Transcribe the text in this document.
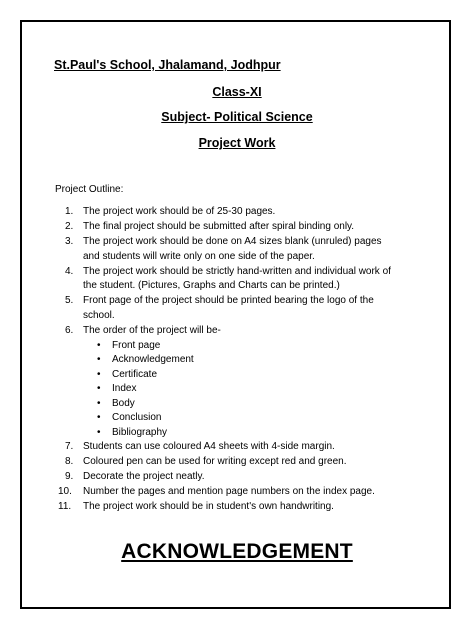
St.Paul's School, Jhalamand, Jodhpur
Class-XI
Subject- Political Science
Project Work
Project Outline:
1. The project work should be of 25-30 pages.
2. The final project should be submitted after spiral binding only.
3. The project work should be done on A4 sizes blank (unruled) pages and students will write only on one side of the paper.
4. The project work should be strictly hand-written and individual work of the student. (Pictures, Graphs and Charts can be printed.)
5. Front page of the project should be printed bearing the logo of the school.
6. The order of the project will be-
• Front page
• Acknowledgement
• Certificate
• Index
• Body
• Conclusion
• Bibliography
7. Students can use coloured A4 sheets with 4-side margin.
8. Coloured pen can be used for writing except red and green.
9. Decorate the project neatly.
10.	Number the pages and mention page numbers on the index page.
11.	The project work should be in student's own handwriting.
ACKNOWLEDGEMENT
